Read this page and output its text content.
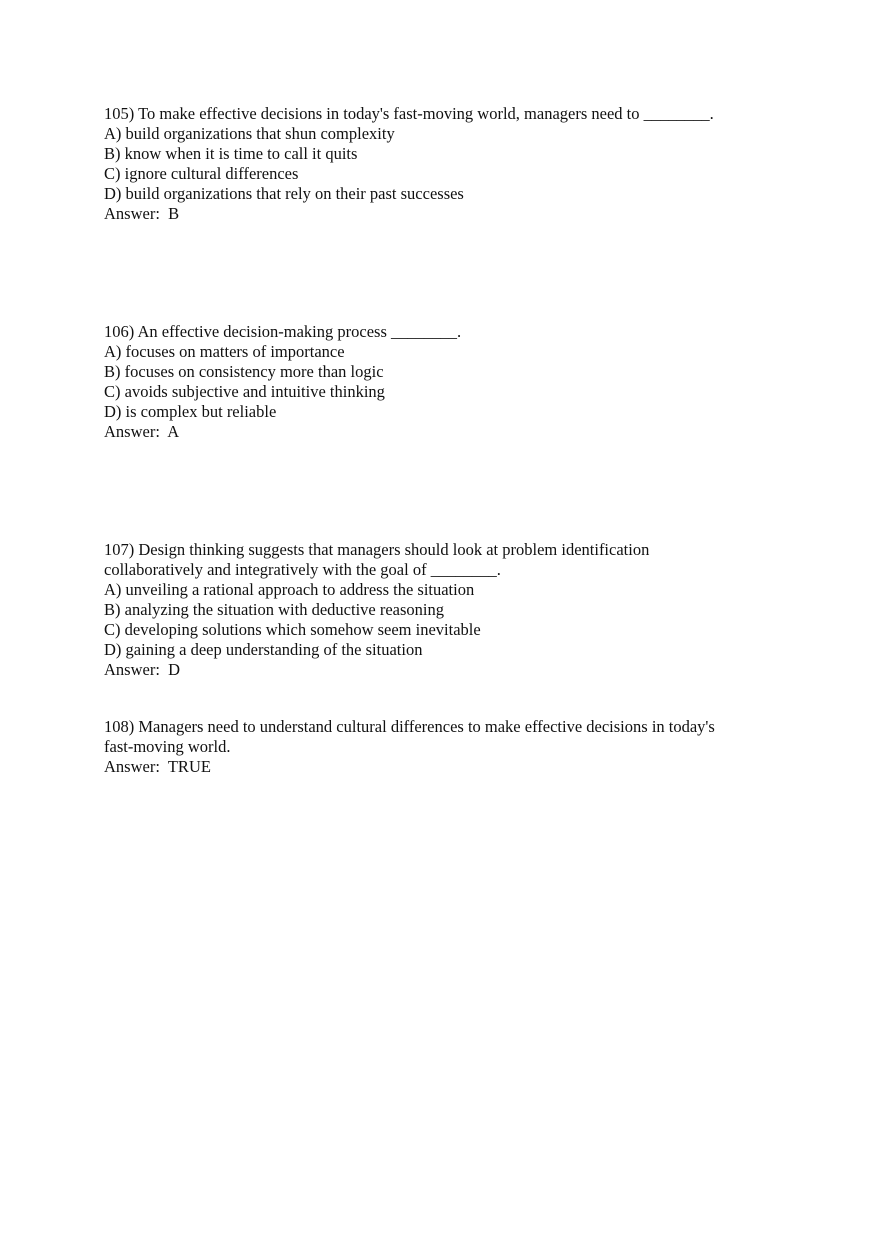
105) To make effective decisions in today's fast-moving world, managers need to ________.

A) build organizations that shun complexity

B) know when it is time to call it quits

C) ignore cultural differences

D) build organizations that rely on their past successes

Answer:  B

106) An effective decision-making process ________.

A) focuses on matters of importance

B) focuses on consistency more than logic

C) avoids subjective and intuitive thinking

D) is complex but reliable

Answer:  A

107) Design thinking suggests that managers should look at problem identification

collaboratively and integratively with the goal of ________.

A) unveiling a rational approach to address the situation

B) analyzing the situation with deductive reasoning

C) developing solutions which somehow seem inevitable

D) gaining a deep understanding of the situation

Answer:  D

108) Managers need to understand cultural differences to make effective decisions in today's

fast-moving world.

Answer:  TRUE
